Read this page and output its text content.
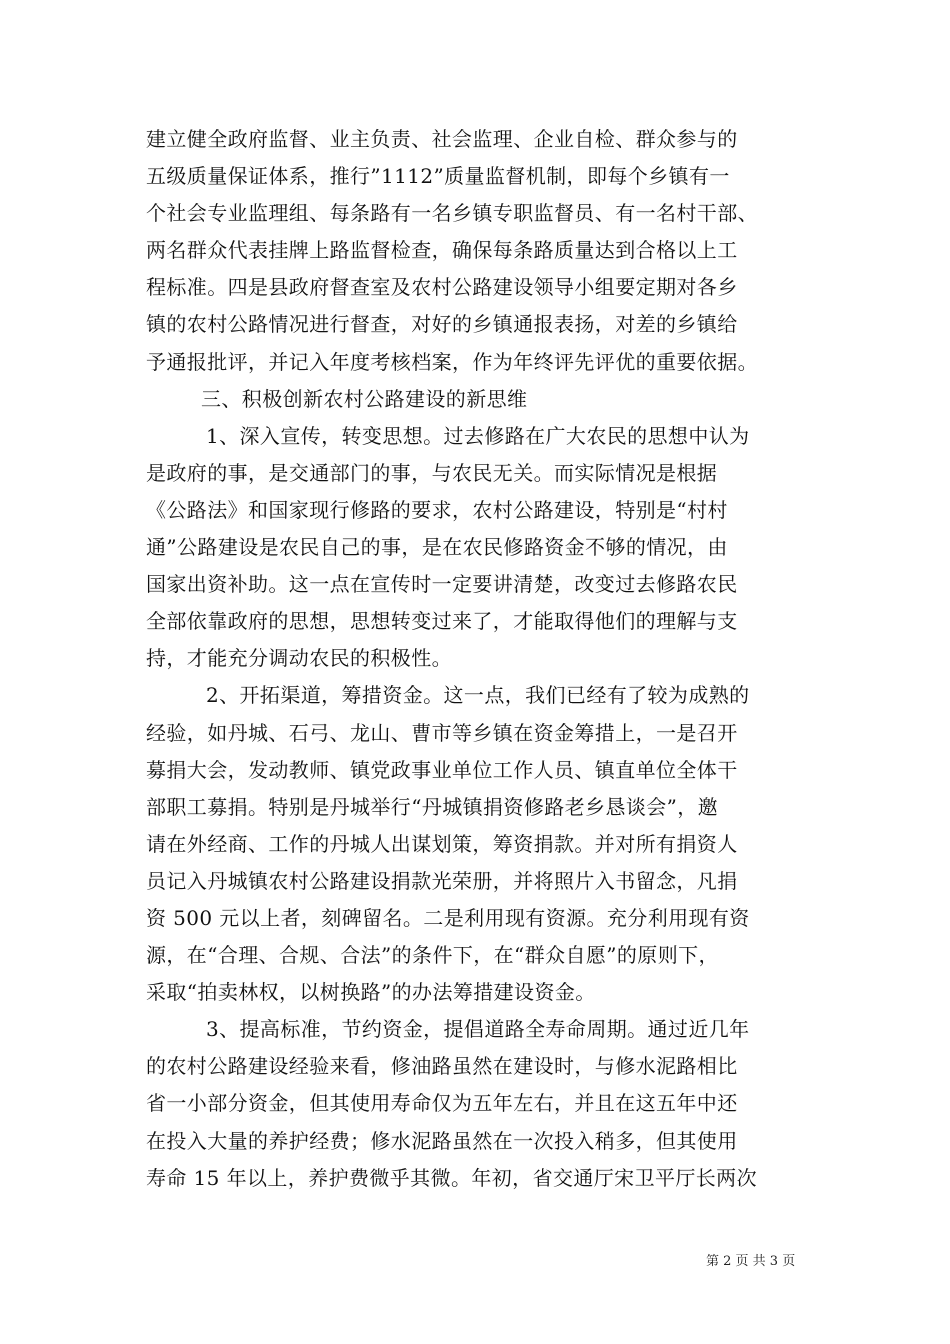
建立健全政府监督、业主负责、社会监理、企业自检、群众参与的
五级质量保证体系，推行”1112”质量监督机制，即每个乡镇有一
个社会专业监理组、每条路有一名乡镇专职监督员、有一名村干部、
两名群众代表挂牌上路监督检查，确保每条路质量达到合格以上工
程标准。四是县政府督查室及农村公路建设领导小组要定期对各乡
镇的农村公路情况进行督查，对好的乡镇通报表扬，对差的乡镇给
予通报批评，并记入年度考核档案，作为年终评先评优的重要依据。
三、积极创新农村公路建设的新思维
1、深入宣传，转变思想。过去修路在广大农民的思想中认为
是政府的事，是交通部门的事，与农民无关。而实际情况是根据
《公路法》和国家现行修路的要求，农村公路建设，特别是“村村
通”公路建设是农民自己的事，是在农民修路资金不够的情况，由
国家出资补助。这一点在宣传时一定要讲清楚，改变过去修路农民
全部依靠政府的思想，思想转变过来了，才能取得他们的理解与支
持，才能充分调动农民的积极性。
2、开拓渠道，筹措资金。这一点，我们已经有了较为成熟的
经验，如丹城、石弓、龙山、曹市等乡镇在资金筹措上，一是召开
募捐大会，发动教师、镇党政事业单位工作人员、镇直单位全体干
部职工募捐。特别是丹城举行“丹城镇捐资修路老乡恳谈会”，邀
请在外经商、工作的丹城人出谋划策，筹资捐款。并对所有捐资人
员记入丹城镇农村公路建设捐款光荣册，并将照片入书留念，凡捐
资 500 元以上者，刻碑留名。二是利用现有资源。充分利用现有资
源，在“合理、合规、合法”的条件下，在“群众自愿”的原则下，
采取“拍卖林权，以树换路”的办法筹措建设资金。
3、提高标准，节约资金，提倡道路全寿命周期。通过近几年
的农村公路建设经验来看，修油路虽然在建设时，与修水泥路相比
省一小部分资金，但其使用寿命仅为五年左右，并且在这五年中还
在投入大量的养护经费；修水泥路虽然在一次投入稍多，但其使用
寿命 15 年以上，养护费微乎其微。年初，省交通厅宋卫平厅长两次
第 2 页 共 3 页
